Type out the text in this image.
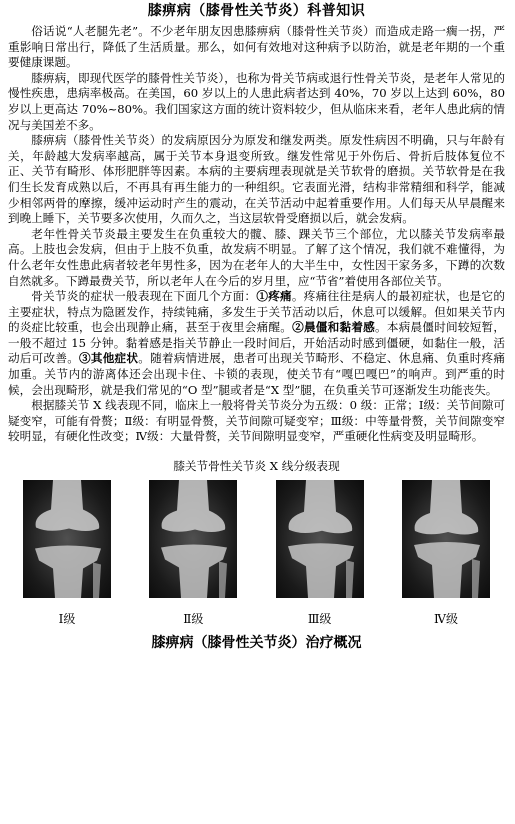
膝痹病（膝骨性关节炎）科普知识

俗话说“人老腿先老”。不少老年朋友因患膝痹病（膝骨性关节炎）而造成走路一瘸一拐，严重影响日常出行，降低了生活质量。那么，如何有效地对这种病予以防治，就是老年期的一个重要健康课题。

膝痹病，即现代医学的膝骨性关节炎），也称为骨关节病或退行性骨关节炎，是老年人常见的慢性疾患，患病率极高。在美国，60 岁以上的人患此病者达到 40%，70 岁以上达到 60%，80 岁以上更高达 70%~80%。我们国家这方面的统计资料较少，但从临床来看，老年人患此病的情况与美国差不多。

膝痹病（膝骨性关节炎）的发病原因分为原发和继发两类。原发性病因不明确，只与年龄有关，年龄越大发病率越高，属于关节本身退变所致。继发性常见于外伤后、骨折后肢体复位不正、关节有畸形、体形肥胖等因素。本病的主要病理表现就是关节软骨的磨损。关节软骨是在我们生长发育成熟以后，不再具有再生能力的一种组织。它表面光滑，结构非常精细和科学，能减少相邻两骨的摩擦，缓冲运动时产生的震动，在关节活动中起着重要作用。人们每天从早晨醒来到晚上睡下，关节要多次使用，久而久之，当这层软骨受磨损以后，就会发病。

老年性骨关节炎最主要发生在负重较大的髋、膝、踝关节三个部位，尤以膝关节发病率最高。上肢也会发病，但由于上肢不负重，故发病不明显。了解了这个情况，我们就不难懂得，为什么老年女性患此病者较老年男性多，因为在老年人的大半生中，女性因干家务多，下蹲的次数自然就多。下蹲最费关节，所以老年人在今后的岁月里，应“节省”着使用各部位关节。

骨关节炎的症状一般表现在下面几个方面：①疼痛。疼痛往往是病人的最初症状，也是它的主要症状，特点为隐匿发作，持续钝痛，多发生于关节活动以后，休息可以缓解。但如果关节内的炎症比较重，也会出现静止痛，甚至于夜里会痛醒。②晨僵和黏着感。本病晨僵时间较短暂，一般不超过 15 分钟。黏着感是指关节静止一段时间后，开始活动时感到僵硬，如黏住一般，活动后可改善。③其他症状。随着病情进展，患者可出现关节畸形、不稳定、休息痛、负重时疼痛加重。关节内的游离体还会出现卡住、卡锁的表现，使关节有“嘎巴嘎巴”的响声。到严重的时候，会出现畸形，就是我们常见的“O 型”腿或者是“X 型”腿，在负重关节可逐渐发生功能丧失。

根据膝关节 X 线表现不同，临床上一般将骨关节炎分为五级：0 级：正常；Ⅰ级：关节间隙可疑变窄，可能有骨赘；Ⅱ级：有明显骨赘，关节间隙可疑变窄；Ⅲ级：中等量骨赘，关节间隙变窄较明显，有硬化性改变；Ⅳ级：大量骨赘，关节间隙明显变窄，严重硬化性病变及明显畸形。

膝关节骨性关节炎 X 线分级表现
Ⅰ级	Ⅱ级	Ⅲ级	Ⅳ级
膝痹病（膝骨性关节炎）治疗概况
